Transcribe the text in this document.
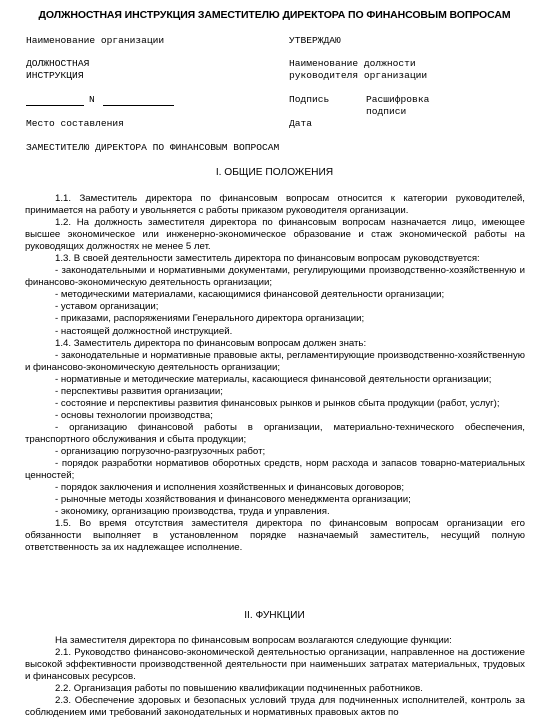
ДОЛЖНОСТНАЯ ИНСТРУКЦИЯ ЗАМЕСТИТЕЛЮ ДИРЕКТОРА ПО ФИНАНСОВЫМ ВОПРОСАМ
Наименование организации	УТВЕРЖДАЮ
ДОЛЖНОСТНАЯ
ИНСТРУКЦИЯ
Наименование должности
руководителя организации
N	Подпись	Расшифровка
подписи
Место составления	Дата
ЗАМЕСТИТЕЛЮ ДИРЕКТОРА ПО ФИНАНСОВЫМ ВОПРОСАМ
I. ОБЩИЕ ПОЛОЖЕНИЯ

1.1. Заместитель директора по финансовым вопросам относится к категории руководителей, принимается на работу и увольняется с работы приказом руководителя организации.

1.2. На должность заместителя директора по финансовым вопросам назначается лицо, имеющее высшее экономическое или инженерно-экономическое образование и стаж экономической работы на руководящих должностях не менее 5 лет.

1.3. В своей деятельности заместитель директора по финансовым вопросам руководствуется:

- законодательными и нормативными документами, регулирующими производственно-хозяйственную и финансово-экономическую деятельность организации;

- методическими материалами, касающимися финансовой деятельности организации;

- уставом организации;

- приказами, распоряжениями Генерального директора организации;

- настоящей должностной инструкцией.

1.4. Заместитель директора по финансовым вопросам должен знать:

- законодательные и нормативные правовые акты, регламентирующие производственно-хозяйственную и финансово-экономическую деятельность организации;

- нормативные и методические материалы, касающиеся финансовой деятельности организации;

- перспективы развития организации;

- состояние и перспективы развития финансовых рынков и рынков сбыта продукции (работ, услуг);

- основы технологии производства;

- организацию финансовой работы в организации, материально-технического обеспечения, транспортного обслуживания и сбыта продукции;

- организацию погрузочно-разгрузочных работ;

- порядок разработки нормативов оборотных средств, норм расхода и запасов товарно-материальных ценностей;

- порядок заключения и исполнения хозяйственных и финансовых договоров;

- рыночные методы хозяйствования и финансового менеджмента организации;

- экономику, организацию производства, труда и управления.

1.5. Во время отсутствия заместителя директора по финансовым вопросам организации его обязанности выполняет в установленном порядке назначаемый заместитель, несущий полную ответственность за их надлежащее исполнение.

II. ФУНКЦИИ

На заместителя директора по финансовым вопросам возлагаются следующие функции:

2.1. Руководство финансово-экономической деятельностью организации, направленное на достижение высокой эффективности производственной деятельности при наименьших затратах материальных, трудовых и финансовых ресурсов.

2.2. Организация работы по повышению квалификации подчиненных работников.

2.3. Обеспечение здоровых и безопасных условий труда для подчиненных исполнителей, контроль за соблюдением ими требований законодательных и нормативных правовых актов по
